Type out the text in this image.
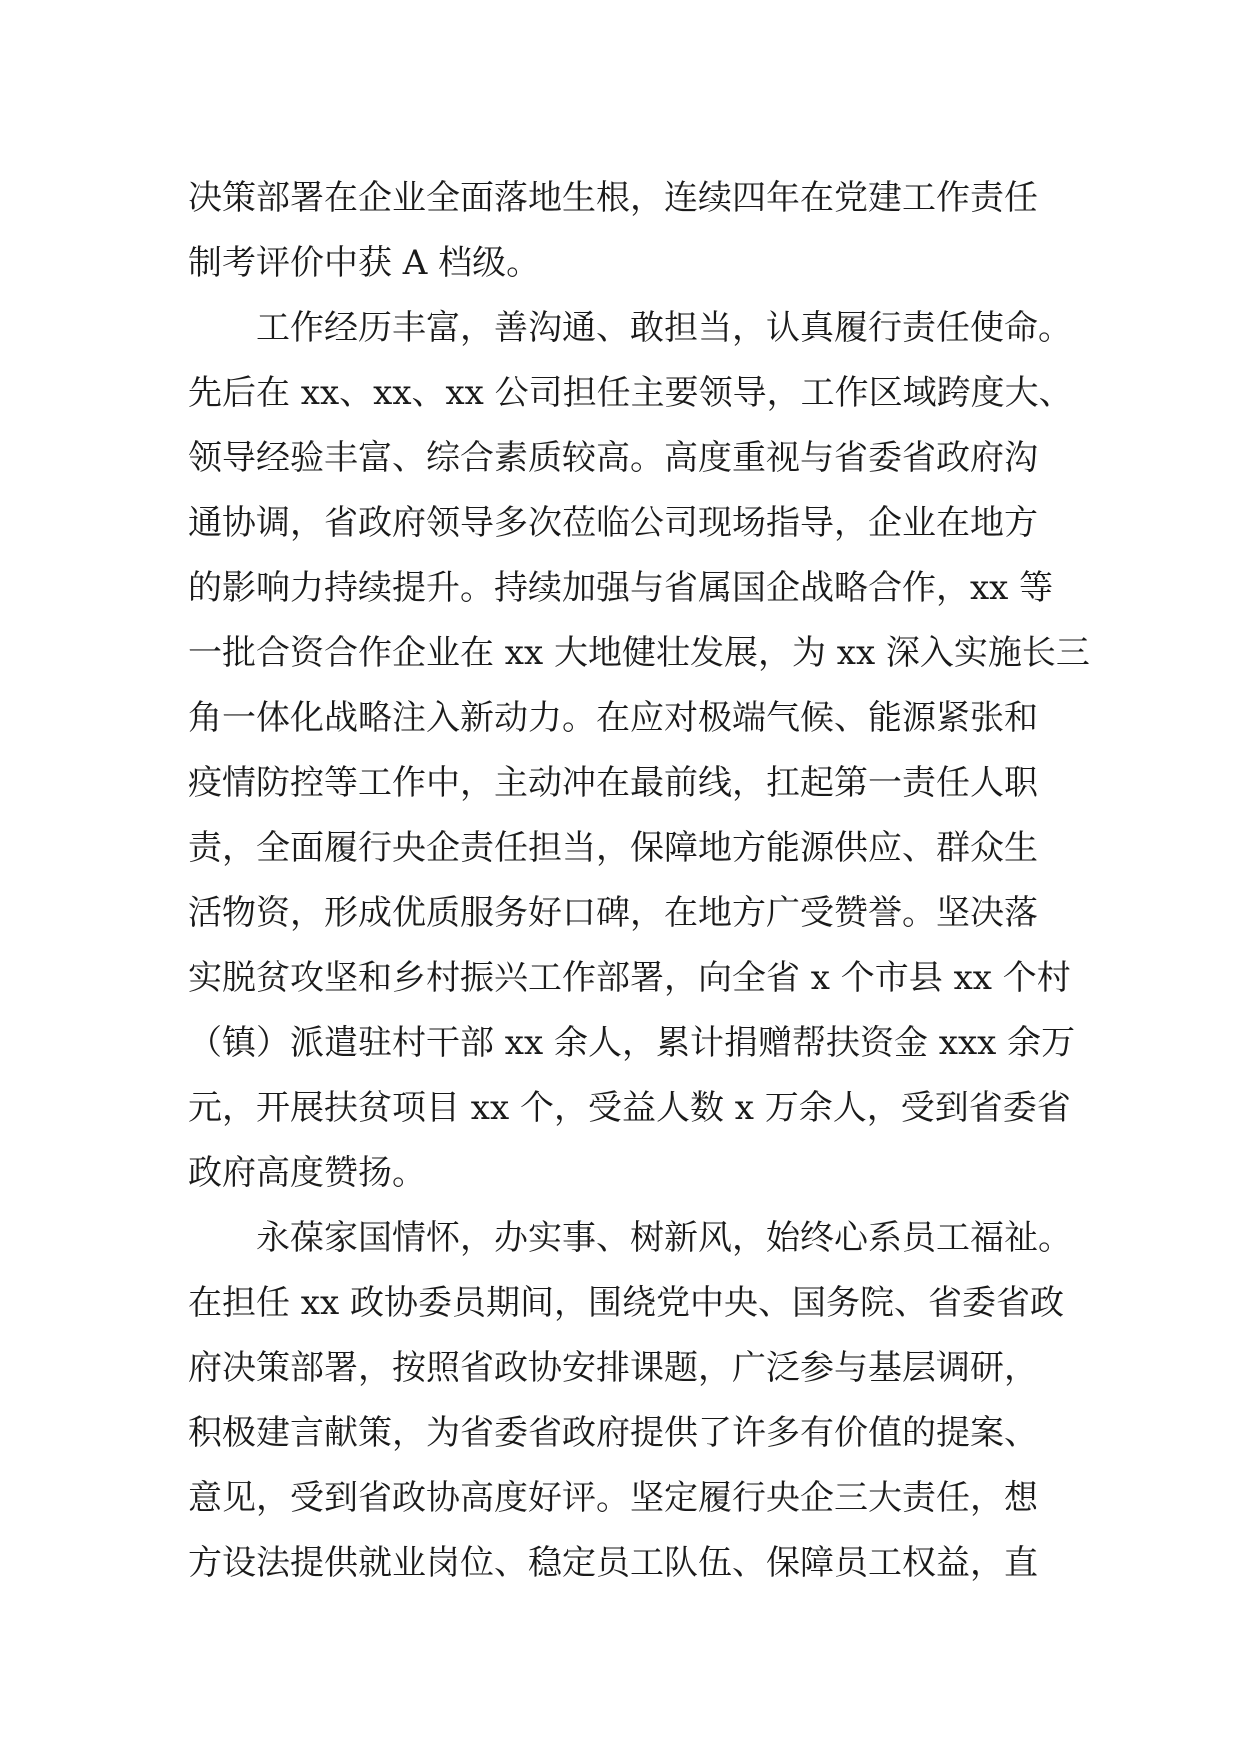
决策部署在企业全面落地生根，连续四年在党建工作责任
制考评价中获 A 档级。
工作经历丰富，善沟通、敢担当，认真履行责任使命。
先后在 xx、xx、xx 公司担任主要领导，工作区域跨度大、
领导经验丰富、综合素质较高。高度重视与省委省政府沟
通协调，省政府领导多次莅临公司现场指导，企业在地方
的影响力持续提升。持续加强与省属国企战略合作，xx 等
一批合资合作企业在 xx 大地健壮发展，为 xx 深入实施长三
角一体化战略注入新动力。在应对极端气候、能源紧张和
疫情防控等工作中，主动冲在最前线，扛起第一责任人职
责，全面履行央企责任担当，保障地方能源供应、群众生
活物资，形成优质服务好口碑，在地方广受赞誉。坚决落
实脱贫攻坚和乡村振兴工作部署，向全省 x 个市县 xx 个村
（镇）派遣驻村干部 xx 余人，累计捐赠帮扶资金 xxx 余万
元，开展扶贫项目 xx 个，受益人数 x 万余人，受到省委省
政府高度赞扬。
永葆家国情怀，办实事、树新风，始终心系员工福祉。
在担任 xx 政协委员期间，围绕党中央、国务院、省委省政
府决策部署，按照省政协安排课题，广泛参与基层调研，
积极建言献策，为省委省政府提供了许多有价值的提案、
意见，受到省政协高度好评。坚定履行央企三大责任，想
方设法提供就业岗位、稳定员工队伍、保障员工权益，直
